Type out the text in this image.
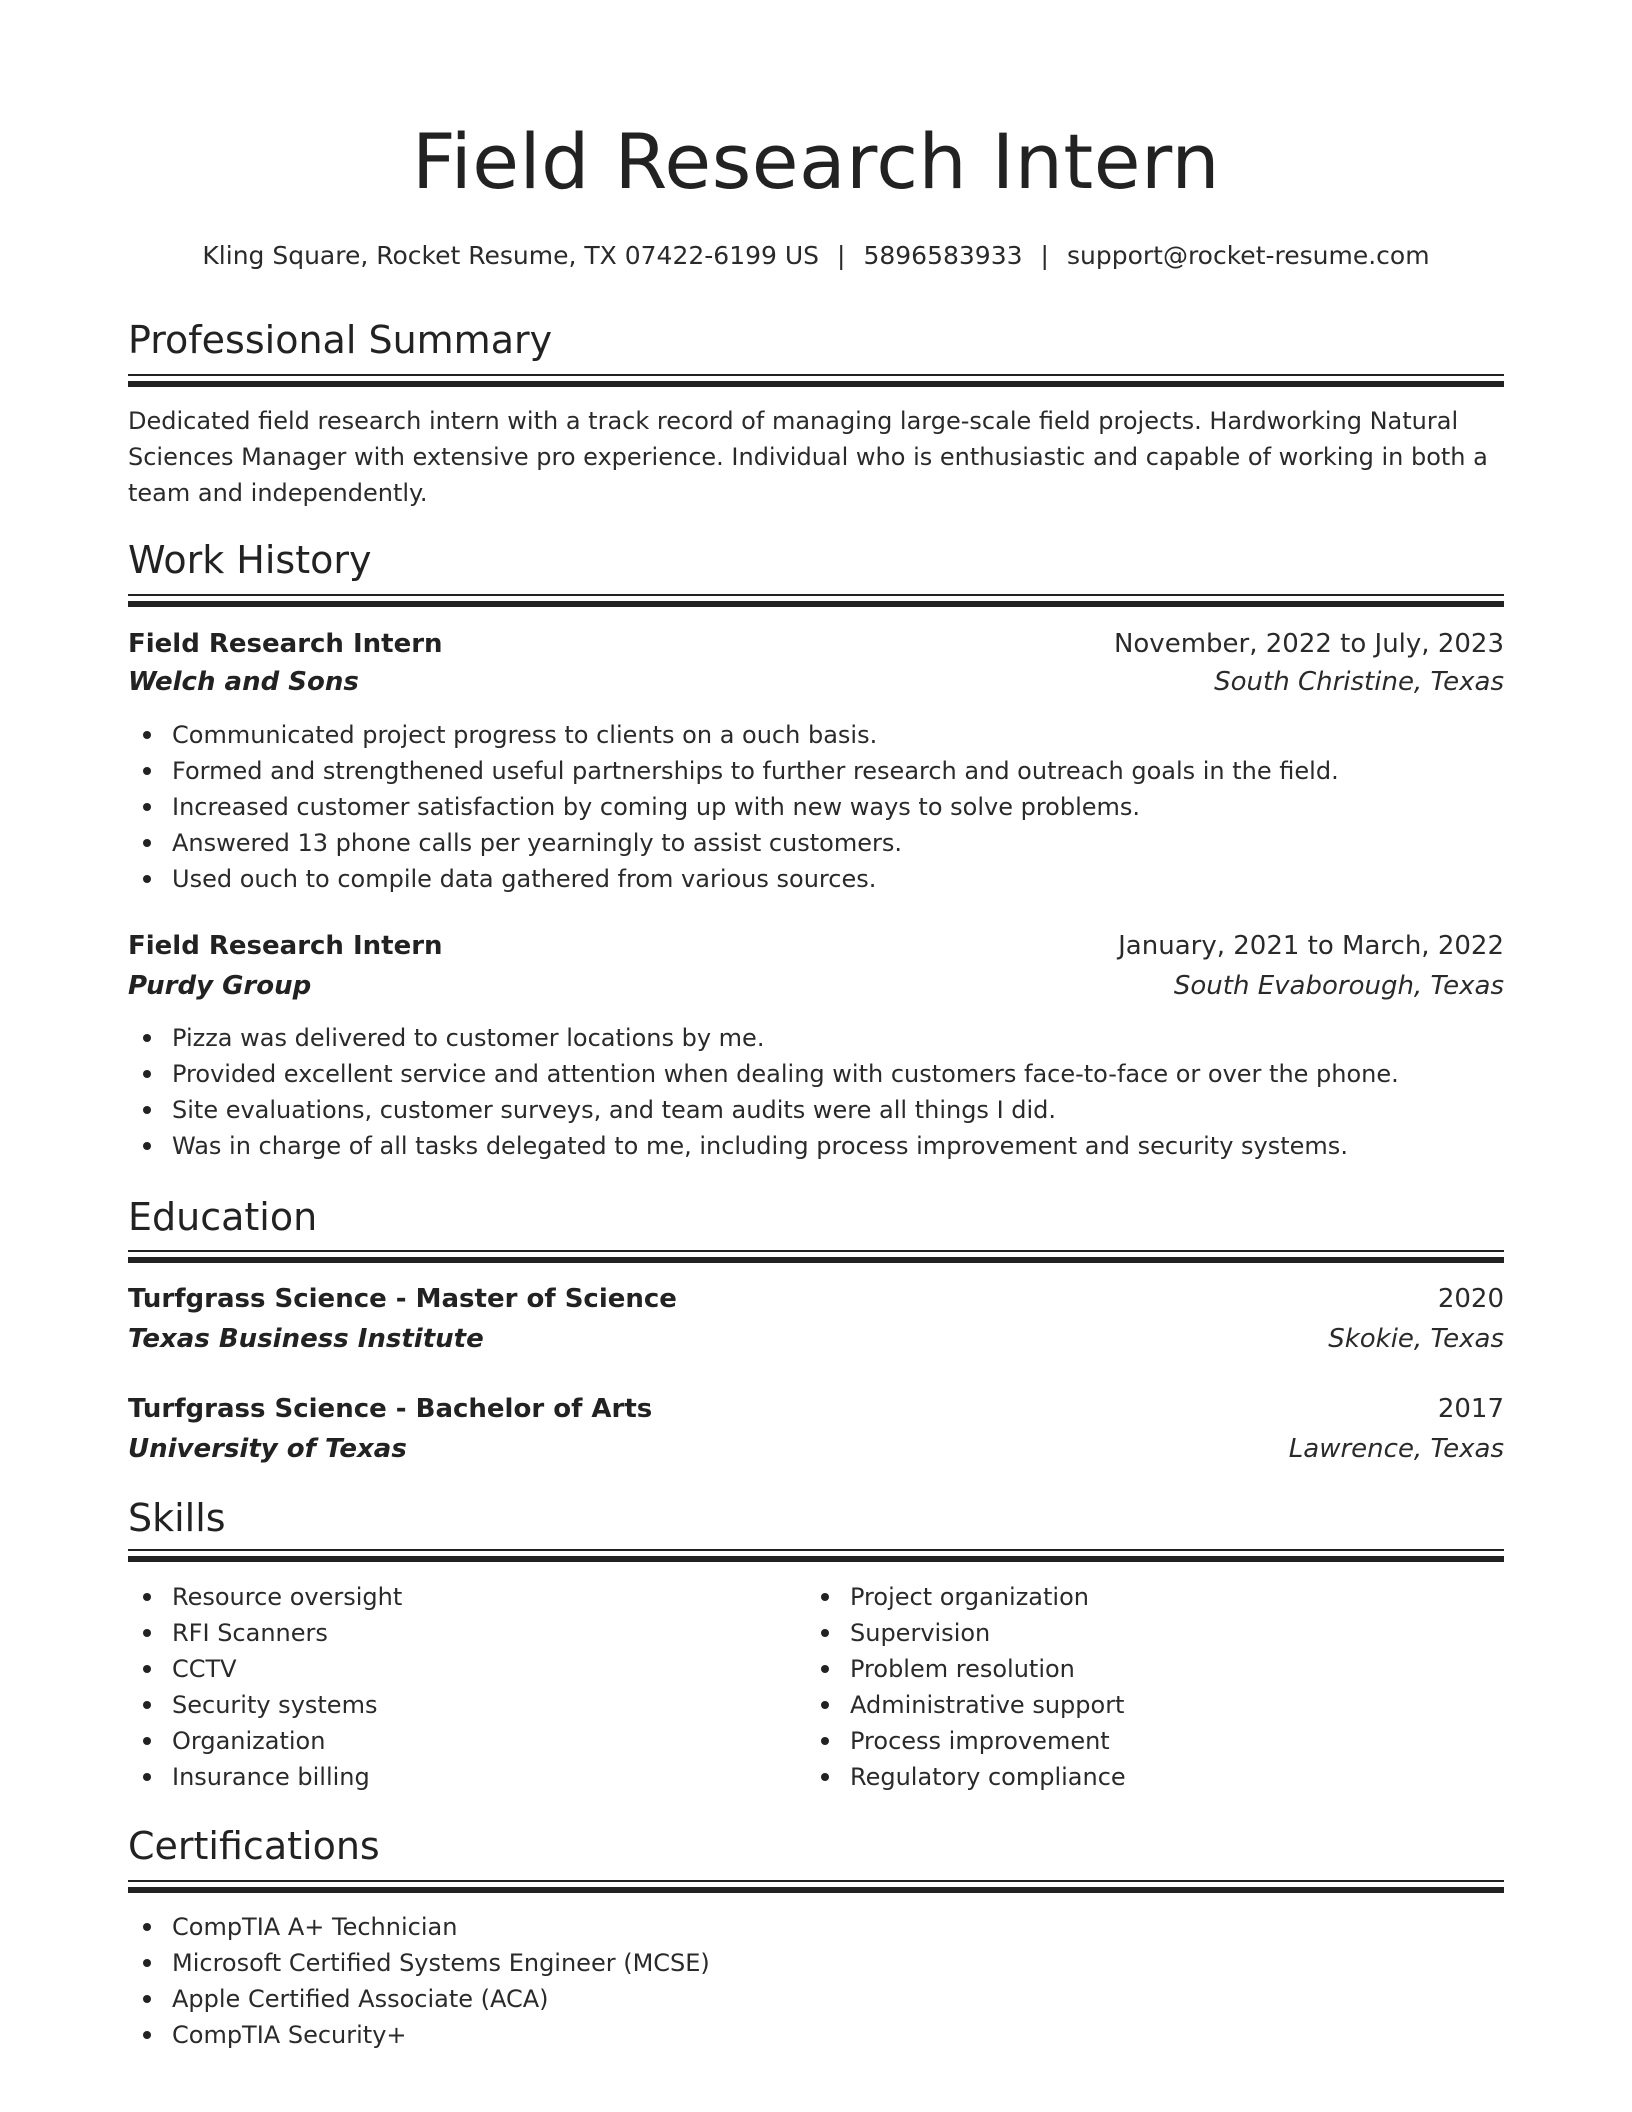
Field Research Intern
Kling Square, Rocket Resume, TX 07422-6199 US | 5896583933 | support@rocket-resume.com
Professional Summary
Dedicated field research intern with a track record of managing large-scale field projects. Hardworking Natural Sciences Manager with extensive pro experience. Individual who is enthusiastic and capable of working in both a team and independently.
Work History
Field Research Intern	November, 2022 to July, 2023
Welch and Sons	South Christine, Texas
Communicated project progress to clients on a ouch basis.
Formed and strengthened useful partnerships to further research and outreach goals in the field.
Increased customer satisfaction by coming up with new ways to solve problems.
Answered 13 phone calls per yearningly to assist customers.
Used ouch to compile data gathered from various sources.
Field Research Intern	January, 2021 to March, 2022
Purdy Group	South Evaborough, Texas
Pizza was delivered to customer locations by me.
Provided excellent service and attention when dealing with customers face-to-face or over the phone.
Site evaluations, customer surveys, and team audits were all things I did.
Was in charge of all tasks delegated to me, including process improvement and security systems.
Education
Turfgrass Science - Master of Science	2020
Texas Business Institute	Skokie, Texas
Turfgrass Science - Bachelor of Arts	2017
University of Texas	Lawrence, Texas
Skills
Resource oversight
RFI Scanners
CCTV
Security systems
Organization
Insurance billing
Project organization
Supervision
Problem resolution
Administrative support
Process improvement
Regulatory compliance
Certifications
CompTIA A+ Technician
Microsoft Certified Systems Engineer (MCSE)
Apple Certified Associate (ACA)
CompTIA Security+
